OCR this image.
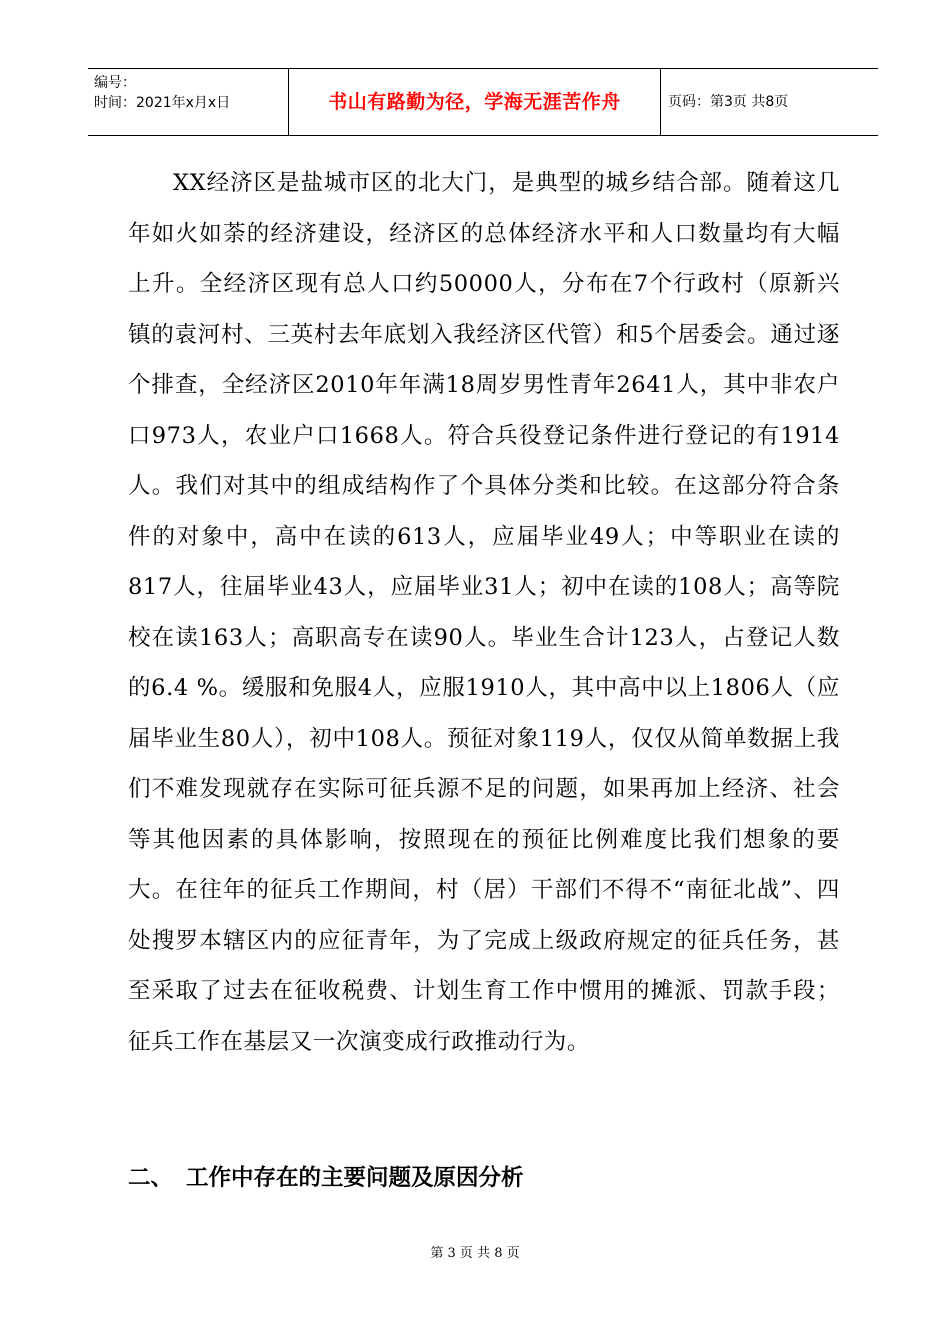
编号：
时间：2021年x月x日	书山有路勤为径，学海无涯苦作舟	页码：第3页 共8页

XX经济区是盐城市区的北大门，是典型的城乡结合部。随着这几年如火如荼的经济建设，经济区的总体经济水平和人口数量均有大幅上升。全经济区现有总人口约50000人，分布在7个行政村（原新兴镇的袁河村、三英村去年底划入我经济区代管）和5个居委会。通过逐个排查，全经济区2010年年满18周岁男性青年2641人，其中非农户口973人，农业户口1668人。符合兵役登记条件进行登记的有1914人。我们对其中的组成结构作了个具体分类和比较。在这部分符合条件的对象中，高中在读的613人，应届毕业49人；中等职业在读的817人，往届毕业43人，应届毕业31人；初中在读的108人；高等院校在读163人；高职高专在读90人。毕业生合计123人，占登记人数的6.4 %。缓服和免服4人，应服1910人，其中高中以上1806人（应届毕业生80人），初中108人。预征对象119人，仅仅从简单数据上我们不难发现就存在实际可征兵源不足的问题，如果再加上经济、社会等其他因素的具体影响，按照现在的预征比例难度比我们想象的要大。在往年的征兵工作期间，村（居）干部们不得不“南征北战”、四处搜罗本辖区内的应征青年，为了完成上级政府规定的征兵任务，甚至采取了过去在征收税费、计划生育工作中惯用的摊派、罚款手段；征兵工作在基层又一次演变成行政推动行为。

二、 工作中存在的主要问题及原因分析
第 3 页 共 8 页
